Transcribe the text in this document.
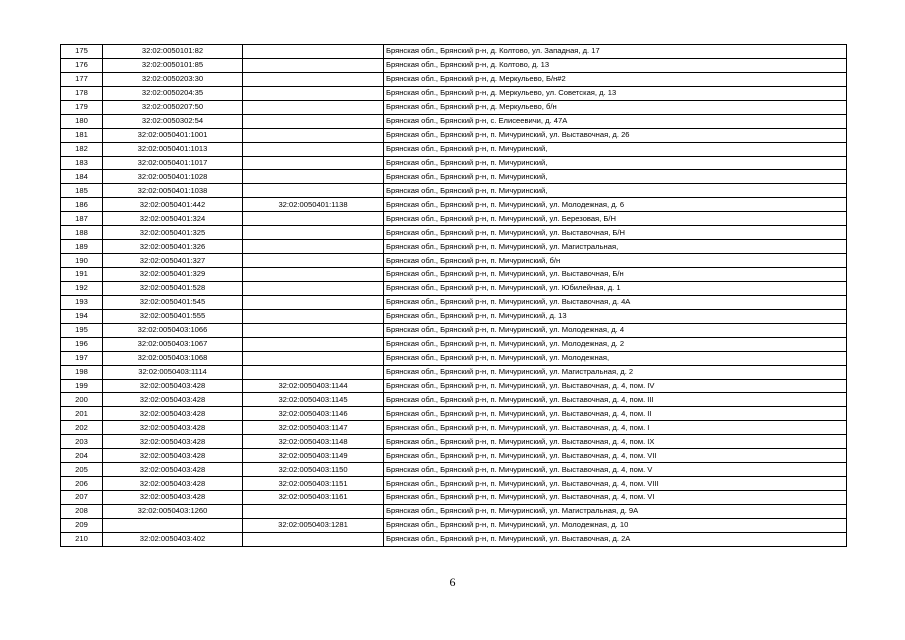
175	32:02:0050101:82		Брянская обл., Брянский р-н, д. Колтово, ул. Западная, д. 17
176	32:02:0050101:85		Брянская обл., Брянский р-н, д. Колтово, д. 13
177	32:02:0050203:30		Брянская обл., Брянский р-н, д. Меркульево, Б/н#2
178	32:02:0050204:35		Брянская обл., Брянский р-н, д. Меркульево, ул. Советская, д. 13
179	32:02:0050207:50		Брянская обл., Брянский р-н, д. Меркульево, б/н
180	32:02:0050302:54		Брянская обл., Брянский р-н, с. Елисеевичи, д. 47А
181	32:02:0050401:1001		Брянская обл., Брянский р-н, п. Мичуринский, ул. Выставочная, д. 26
182	32:02:0050401:1013		Брянская обл., Брянский р-н, п. Мичуринский,
183	32:02:0050401:1017		Брянская обл., Брянский р-н, п. Мичуринский,
184	32:02:0050401:1028		Брянская обл., Брянский р-н, п. Мичуринский,
185	32:02:0050401:1038		Брянская обл., Брянский р-н, п. Мичуринский,
186	32:02:0050401:442	32:02:0050401:1138	Брянская обл., Брянский р-н, п. Мичуринский, ул. Молодежная, д. 6
187	32:02:0050401:324		Брянская обл., Брянский р-н, п. Мичуринский, ул. Березовая, Б/Н
188	32:02:0050401:325		Брянская обл., Брянский р-н, п. Мичуринский, ул. Выставочная, Б/Н
189	32:02:0050401:326		Брянская обл., Брянский р-н, п. Мичуринский, ул. Магистральная,
190	32:02:0050401:327		Брянская обл., Брянский р-н, п. Мичуринский, б/н
191	32:02:0050401:329		Брянская обл., Брянский р-н, п. Мичуринский, ул. Выставочная, Б/н
192	32:02:0050401:528		Брянская обл., Брянский р-н, п. Мичуринский, ул. Юбилейная, д. 1
193	32:02:0050401:545		Брянская обл., Брянский р-н, п. Мичуринский, ул. Выставочная, д. 4А
194	32:02:0050401:555		Брянская обл., Брянский р-н, п. Мичуринский, д. 13
195	32:02:0050403:1066		Брянская обл., Брянский р-н, п. Мичуринский, ул. Молодежная, д. 4
196	32:02:0050403:1067		Брянская обл., Брянский р-н, п. Мичуринский, ул. Молодежная, д. 2
197	32:02:0050403:1068		Брянская обл., Брянский р-н, п. Мичуринский, ул. Молодежная,
198	32:02:0050403:1114		Брянская обл., Брянский р-н, п. Мичуринский, ул. Магистральная, д. 2
199	32:02:0050403:428	32:02:0050403:1144	Брянская обл., Брянский р-н, п. Мичуринский, ул. Выставочная, д. 4, пом. IV
200	32:02:0050403:428	32:02:0050403:1145	Брянская обл., Брянский р-н, п. Мичуринский, ул. Выставочная, д. 4, пом. III
201	32:02:0050403:428	32:02:0050403:1146	Брянская обл., Брянский р-н, п. Мичуринский, ул. Выставочная, д. 4, пом. II
202	32:02:0050403:428	32:02:0050403:1147	Брянская обл., Брянский р-н, п. Мичуринский, ул. Выставочная, д. 4, пом. I
203	32:02:0050403:428	32:02:0050403:1148	Брянская обл., Брянский р-н, п. Мичуринский, ул. Выставочная, д. 4, пом. IX
204	32:02:0050403:428	32:02:0050403:1149	Брянская обл., Брянский р-н, п. Мичуринский, ул. Выставочная, д. 4, пом. VII
205	32:02:0050403:428	32:02:0050403:1150	Брянская обл., Брянский р-н, п. Мичуринский, ул. Выставочная, д. 4, пом. V
206	32:02:0050403:428	32:02:0050403:1151	Брянская обл., Брянский р-н, п. Мичуринский, ул. Выставочная, д. 4, пом. VIII
207	32:02:0050403:428	32:02:0050403:1161	Брянская обл., Брянский р-н, п. Мичуринский, ул. Выставочная, д. 4, пом. VI
208	32:02:0050403:1260		Брянская обл., Брянский р-н, п. Мичуринский, ул. Магистральная, д. 9А
209		32:02:0050403:1281	Брянская обл., Брянский р-н, п. Мичуринский, ул. Молодежная, д. 10
210	32:02:0050403:402		Брянская обл., Брянский р-н, п. Мичуринский, ул. Выставочная, д. 2А
6
